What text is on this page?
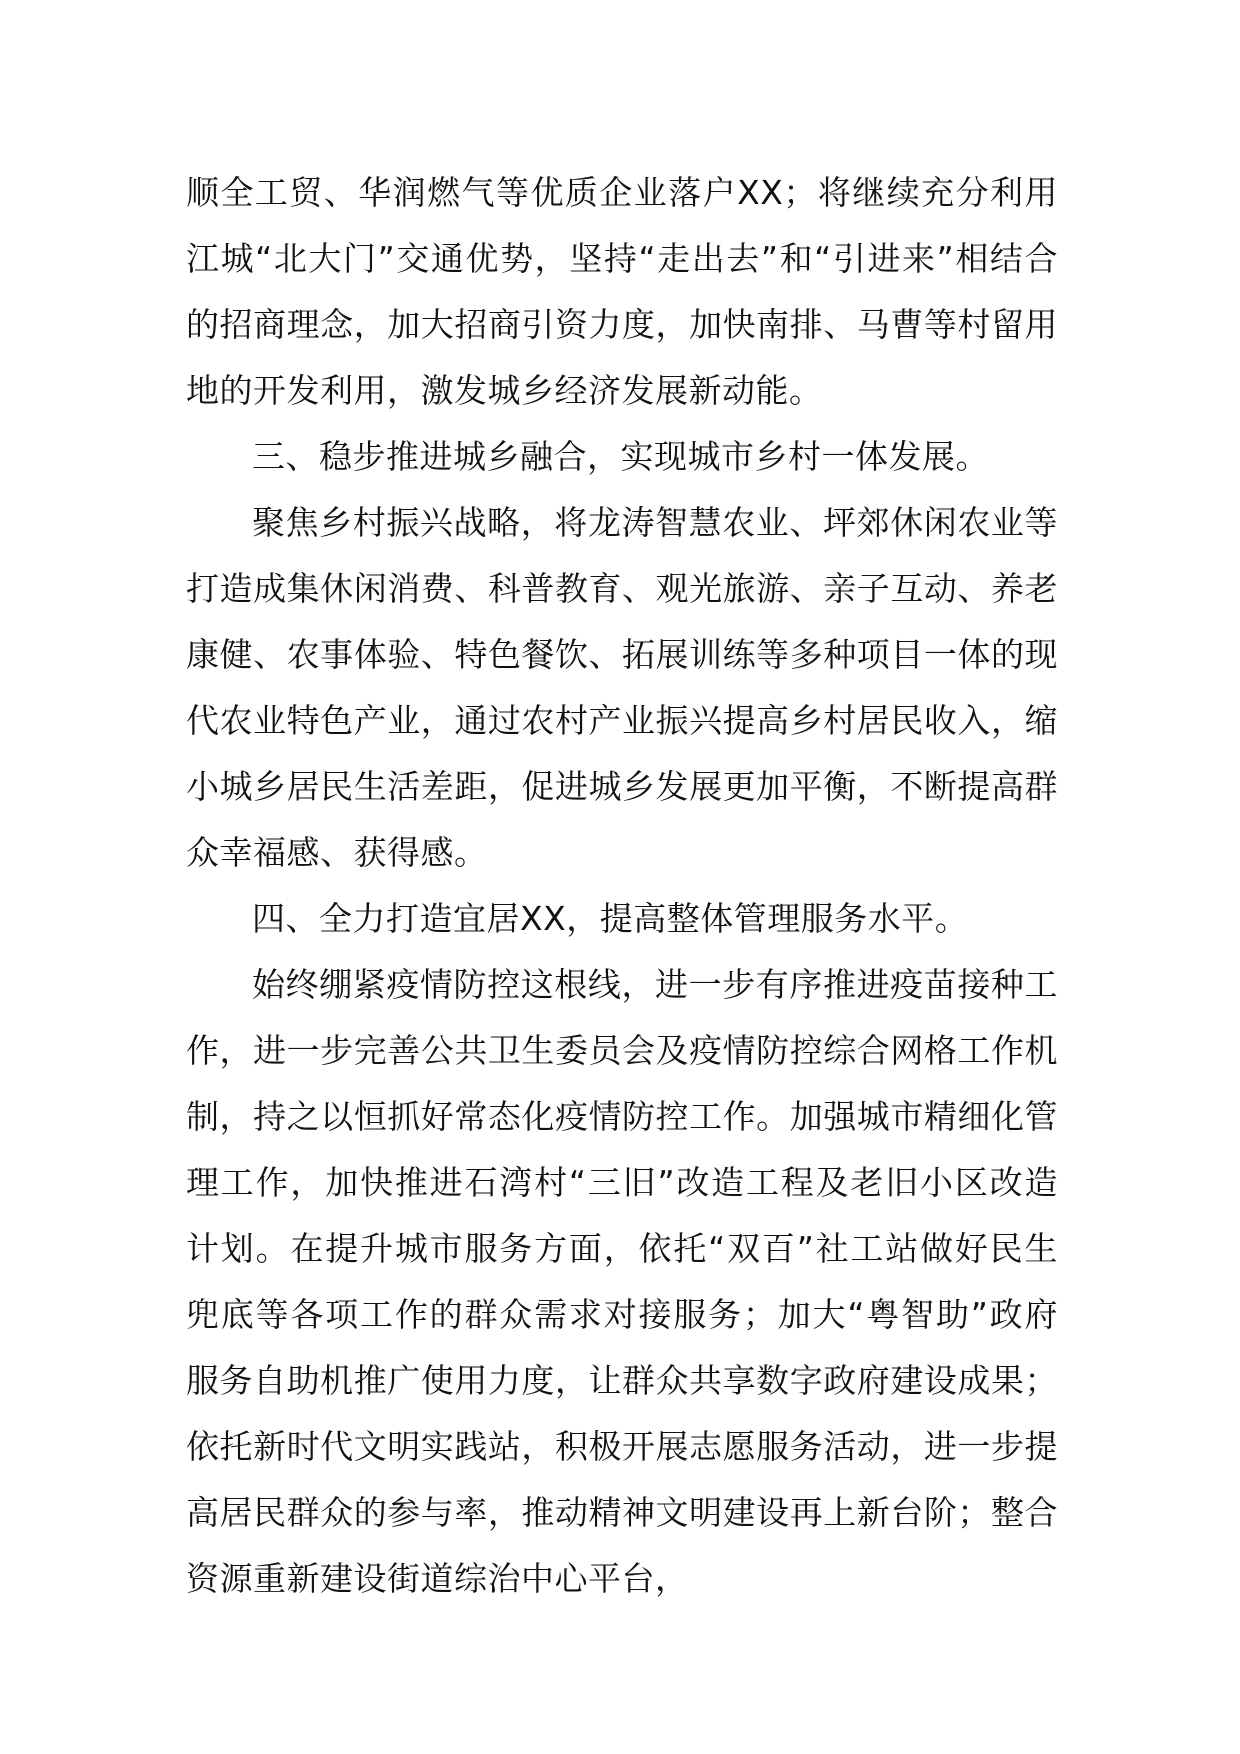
顺全工贸、华润燃气等优质企业落户XX；将继续充分利用江城“北大门”交通优势，坚持“走出去”和“引进来”相结合的招商理念，加大招商引资力度，加快南排、马曹等村留用地的开发利用，激发城乡经济发展新动能。

三、稳步推进城乡融合，实现城市乡村一体发展。

聚焦乡村振兴战略，将龙涛智慧农业、坪郊休闲农业等打造成集休闲消费、科普教育、观光旅游、亲子互动、养老康健、农事体验、特色餐饮、拓展训练等多种项目一体的现代农业特色产业，通过农村产业振兴提高乡村居民收入，缩小城乡居民生活差距，促进城乡发展更加平衡，不断提高群众幸福感、获得感。

四、全力打造宜居XX，提高整体管理服务水平。

始终绷紧疫情防控这根线，进一步有序推进疫苗接种工作，进一步完善公共卫生委员会及疫情防控综合网格工作机制，持之以恒抓好常态化疫情防控工作。加强城市精细化管理工作，加快推进石湾村“三旧”改造工程及老旧小区改造计划。在提升城市服务方面，依托“双百”社工站做好民生兜底等各项工作的群众需求对接服务；加大“粤智助”政府服务自助机推广使用力度，让群众共享数字政府建设成果；依托新时代文明实践站，积极开展志愿服务活动，进一步提高居民群众的参与率，推动精神文明建设再上新台阶；整合资源重新建设街道综治中心平台，
